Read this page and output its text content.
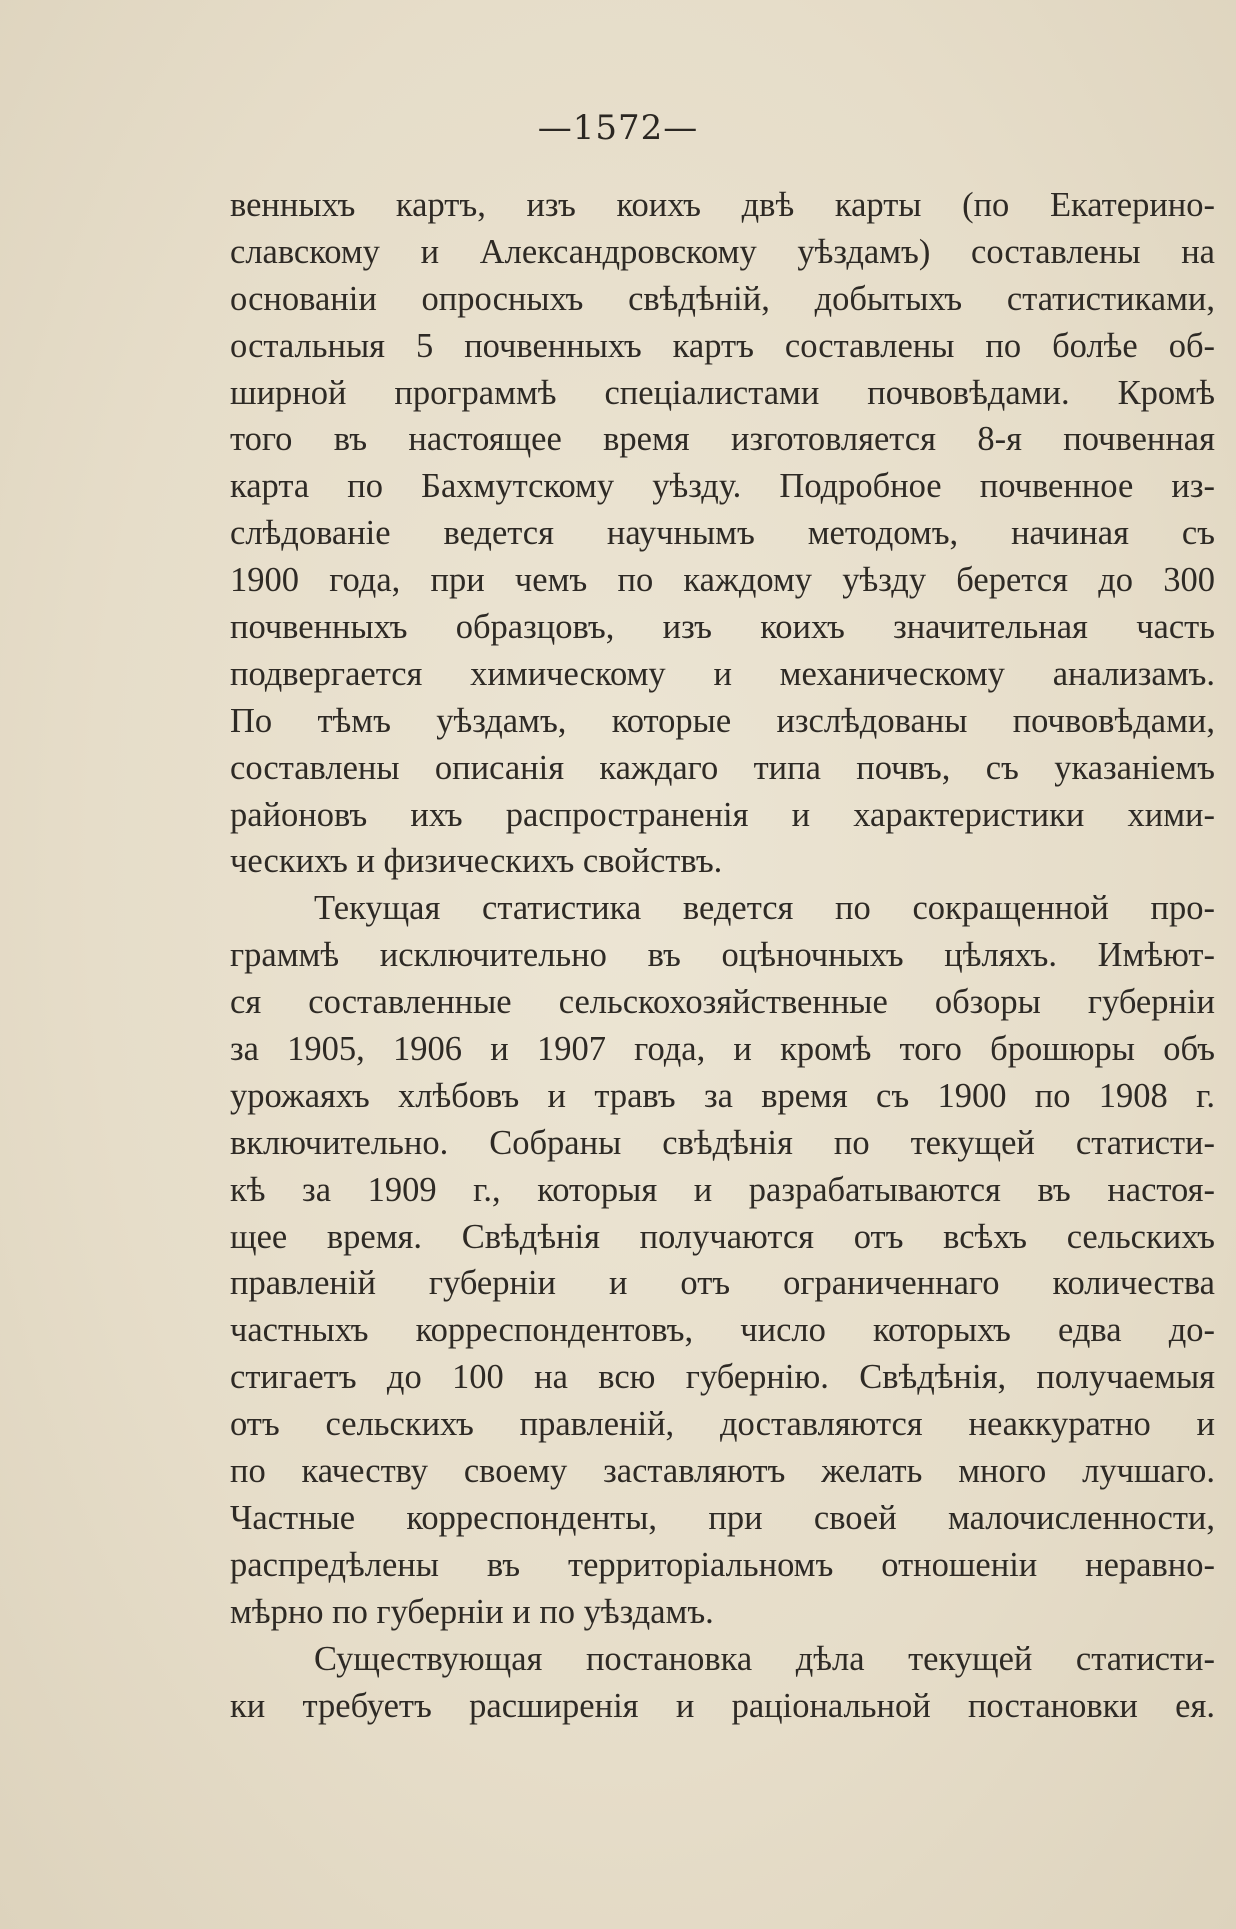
—1572—
венныхъ картъ, изъ коихъ двѣ карты (по Екатерино-
славскому и Александровскому уѣздамъ) составлены на
основанiи опросныхъ свѣдѣнiй, добытыхъ статистиками,
остальныя 5 почвенныхъ картъ составлены по болѣе об-
ширной программѣ спецiалистами почвовѣдами. Кромѣ
того въ настоящее время изготовляется 8-я почвенная
карта по Бахмутскому уѣзду. Подробное почвенное из-
слѣдованiе ведется научнымъ методомъ, начиная съ
1900 года, при чемъ по каждому уѣзду берется до 300
почвенныхъ образцовъ, изъ коихъ значительная часть
подвергается химическому и механическому анализамъ.
По тѣмъ уѣздамъ, которые изслѣдованы почвовѣдами,
составлены описанiя каждаго типа почвъ, съ указанiемъ
районовъ ихъ распространенiя и характеристики хими-
ческихъ и физическихъ свойствъ.
Текущая статистика ведется по сокращенной про-
граммѣ исключительно въ оцѣночныхъ цѣляхъ. Имѣют-
ся составленные сельскохозяйственные обзоры губернiи
за 1905, 1906 и 1907 года, и кромѣ того брошюры объ
урожаяхъ хлѣбовъ и травъ за время съ 1900 по 1908 г.
включительно. Собраны свѣдѣнiя по текущей статисти-
кѣ за 1909 г., которыя и разрабатываются въ настоя-
щее время. Свѣдѣнiя получаются отъ всѣхъ сельскихъ
правленiй губернiи и отъ ограниченнаго количества
частныхъ корреспондентовъ, число которыхъ едва до-
стигаетъ до 100 на всю губернiю. Свѣдѣнiя, получаемыя
отъ сельскихъ правленiй, доставляются неаккуратно и
по качеству своему заставляютъ желать много лучшаго.
Частные корреспонденты, при своей малочисленности,
распредѣлены въ территорiальномъ отношенiи неравно-
мѣрно по губернiи и по уѣздамъ.
Существующая постановка дѣла текущей статисти-
ки требуетъ расширенiя и рацiональной постановки ея.
